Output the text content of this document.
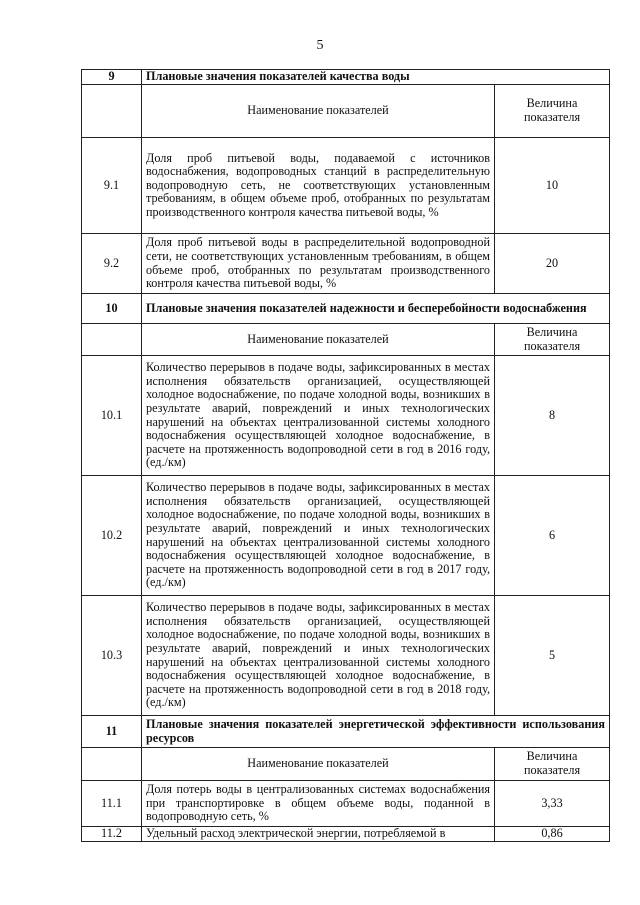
5
9	Плановые значения показателей качества воды	
	Наименование показателей	Величина показателя
9.1	Доля проб питьевой воды, подаваемой с источников водоснабжения, водопроводных станций в распределительную водопроводную сеть, не соответствующих установленным требованиям, в общем объеме проб, отобранных по результатам производственного контроля качества питьевой воды, %	10
9.2	Доля проб питьевой воды в распределительной водопроводной сети, не соответствующих установленным требованиям, в общем объеме проб, отобранных по результатам производственного контроля качества питьевой воды, %	20
10	Плановые значения показателей надежности и бесперебойности водоснабжения	
	Наименование показателей	Величина показателя
10.1	Количество перерывов в подаче воды, зафиксированных в местах исполнения обязательств организацией, осуществляющей холодное водоснабжение, по подаче холодной воды, возникших в результате аварий, повреждений и иных технологических нарушений на объектах централизованной системы холодного водоснабжения осуществляющей холодное водоснабжение, в расчете на протяженность водопроводной сети в год в 2016 году, (ед./км)	8
10.2	Количество перерывов в подаче воды, зафиксированных в местах исполнения обязательств организацией, осуществляющей холодное водоснабжение, по подаче холодной воды, возникших в результате аварий, повреждений и иных технологических нарушений на объектах централизованной системы холодного водоснабжения осуществляющей холодное водоснабжение, в расчете на протяженность водопроводной сети в год в 2017 году, (ед./км)	6
10.3	Количество перерывов в подаче воды, зафиксированных в местах исполнения обязательств организацией, осуществляющей холодное водоснабжение, по подаче холодной воды, возникших в результате аварий, повреждений и иных технологических нарушений на объектах централизованной системы холодного водоснабжения осуществляющей холодное водоснабжение, в расчете на протяженность водопроводной сети в год в 2018 году, (ед./км)	5
11	Плановые значения показателей энергетической эффективности использования ресурсов	
	Наименование показателей	Величина показателя
11.1	Доля потерь воды в централизованных системах водоснабжения при транспортировке в общем объеме воды, поданной в водопроводную сеть, %	3,33
11.2	Удельный расход электрической энергии, потребляемой в	0,86
